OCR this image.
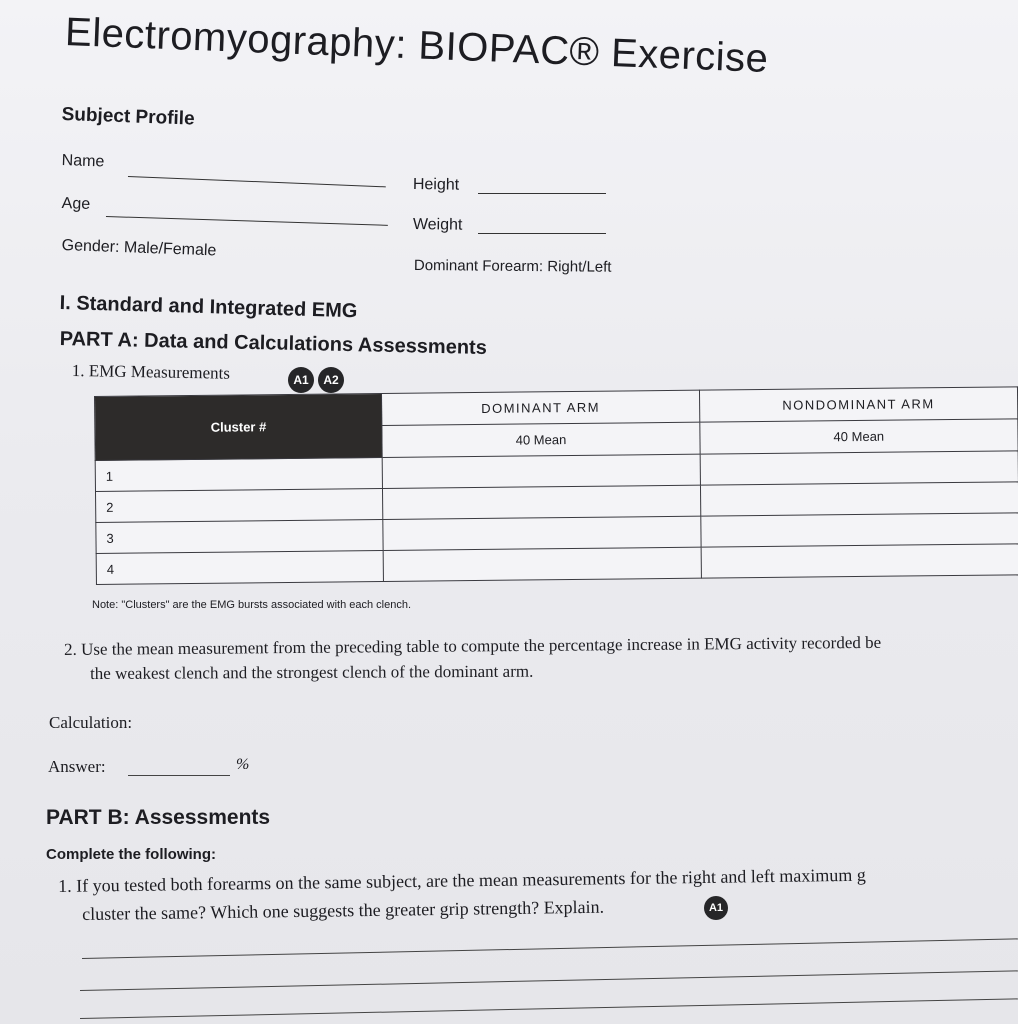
Electromyography: BIOPAC® Exercise
Subject Profile
Name
Age
Gender: Male/Female
Height
Weight
Dominant Forearm: Right/Left
I. Standard and Integrated EMG
PART A: Data and Calculations Assessments
1. EMG Measurements	A1 A2
Cluster #	DOMINANT ARM	NONDOMINANT ARM
	40 Mean	40 Mean
1		
2		
3		
4		
Note: "Clusters" are the EMG bursts associated with each clench.
2. Use the mean measurement from the preceding table to compute the percentage increase in EMG activity recorded be
the weakest clench and the strongest clench of the dominant arm.
Calculation:
Answer:	%
PART B: Assessments
Complete the following:
1. If you tested both forearms on the same subject, are the mean measurements for the right and left maximum g
cluster the same? Which one suggests the greater grip strength? Explain.	A1
